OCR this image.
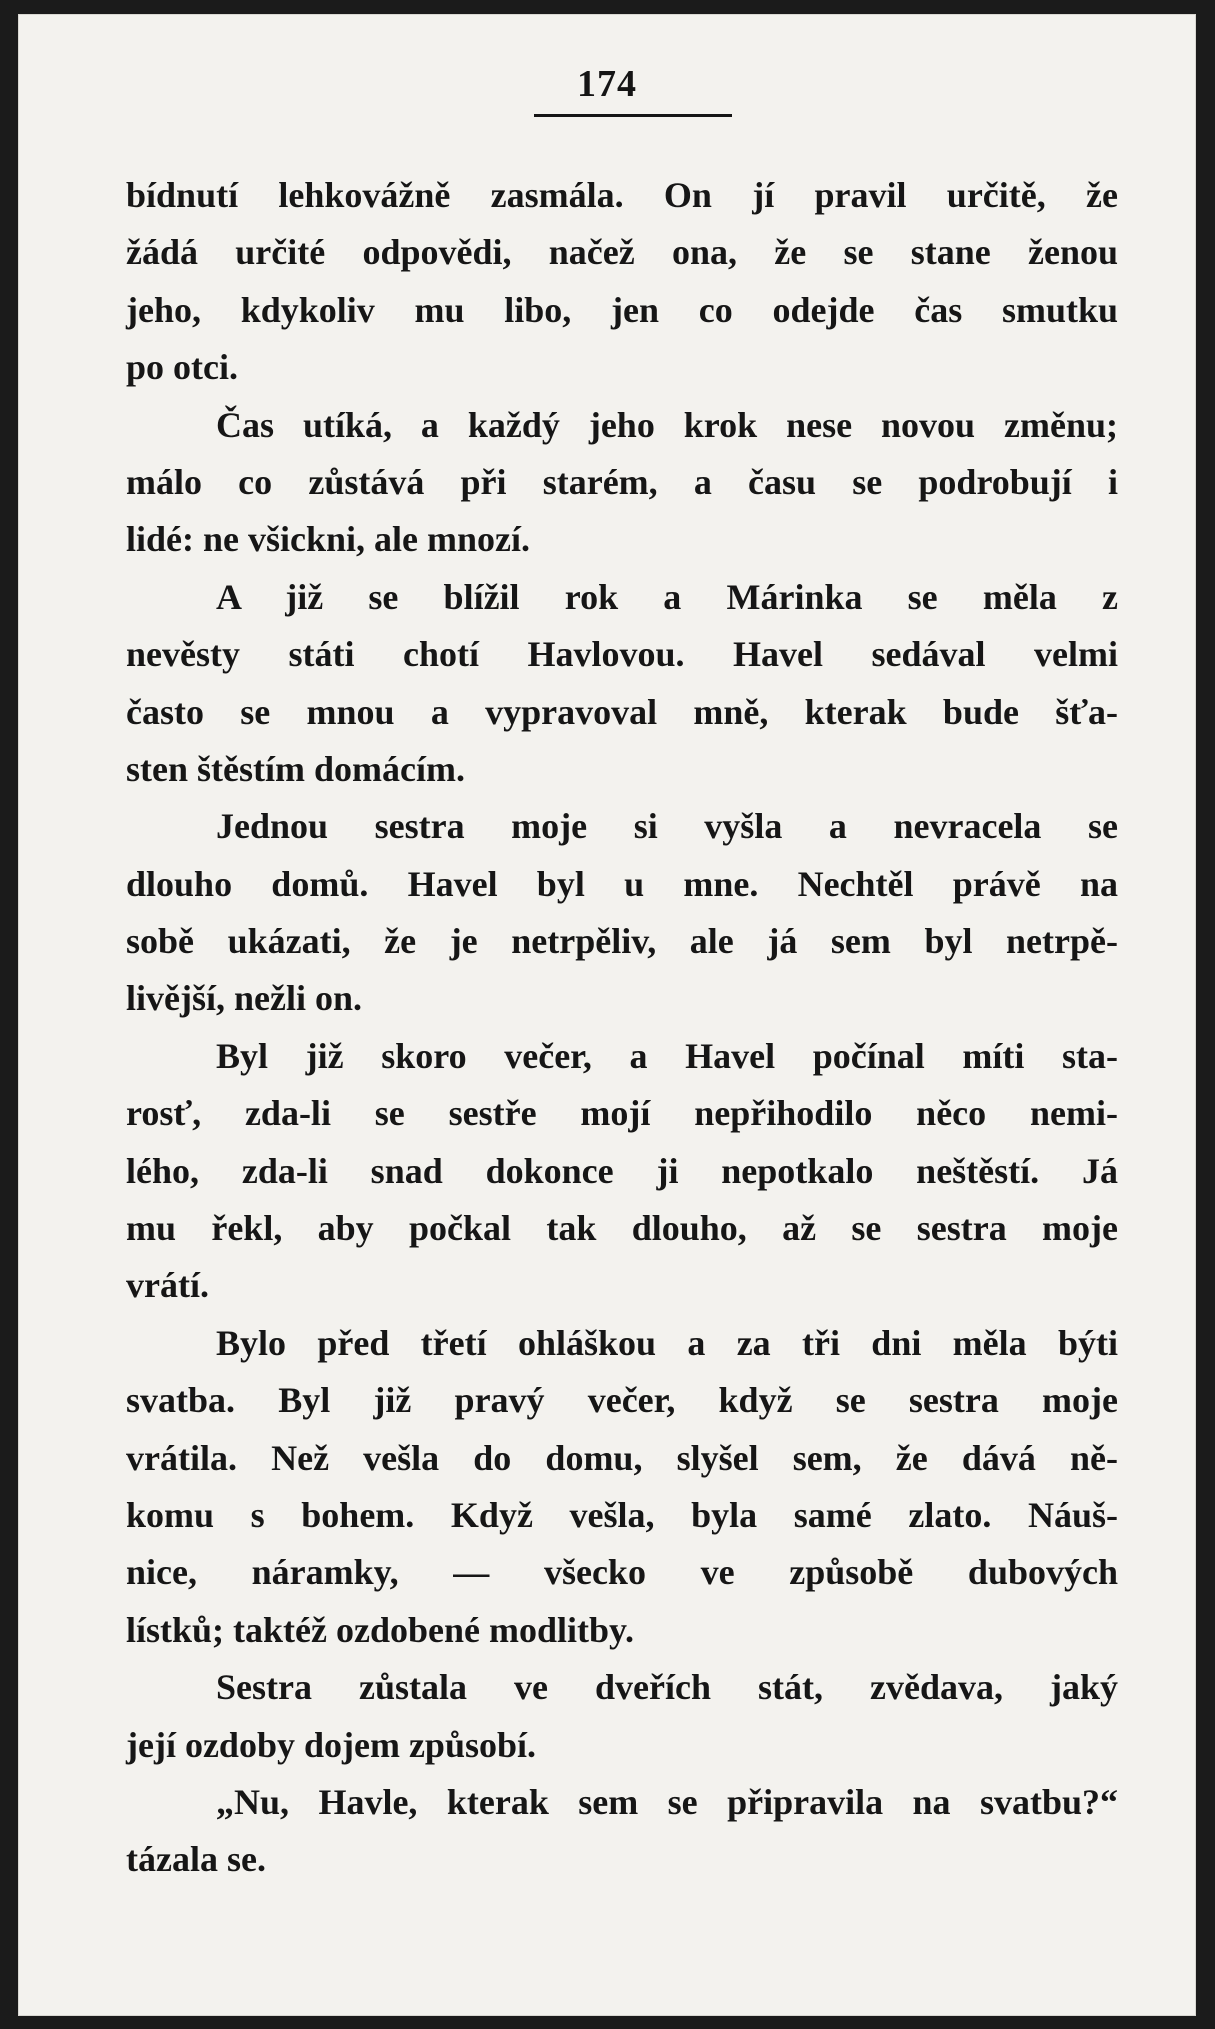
174
bídnutí lehkovážně zasmála. On jí pravil určitě, že
žádá určité odpovědi, načež ona, že se stane ženou
jeho, kdykoliv mu libo, jen co odejde čas smutku
po otci.
Čas utíká, a každý jeho krok nese novou změnu;
málo co zůstává při starém, a času se podrobují i
lidé: ne všickni, ale mnozí.
A již se blížil rok a Márinka se měla z
nevěsty státi chotí Havlovou. Havel sedával velmi
často se mnou a vypravoval mně, kterak bude šťa-
sten štěstím domácím.
Jednou sestra moje si vyšla a nevracela se
dlouho domů. Havel byl u mne. Nechtěl právě na
sobě ukázati, že je netrpěliv, ale já sem byl netrpě-
livější, nežli on.
Byl již skoro večer, a Havel počínal míti sta-
rosť, zda-li se sestře mojí nepřihodilo něco nemi-
lého, zda-li snad dokonce ji nepotkalo neštěstí. Já
mu řekl, aby počkal tak dlouho, až se sestra moje
vrátí.
Bylo před třetí ohláškou a za tři dni měla býti
svatba. Byl již pravý večer, když se sestra moje
vrátila. Než vešla do domu, slyšel sem, že dává ně-
komu s bohem. Když vešla, byla samé zlato. Náuš-
nice, náramky, — všecko ve způsobě dubových
lístků; taktéž ozdobené modlitby.
Sestra zůstala ve dveřích stát, zvědava, jaký
její ozdoby dojem způsobí.
„Nu, Havle, kterak sem se připravila na svatbu?“
tázala se.
